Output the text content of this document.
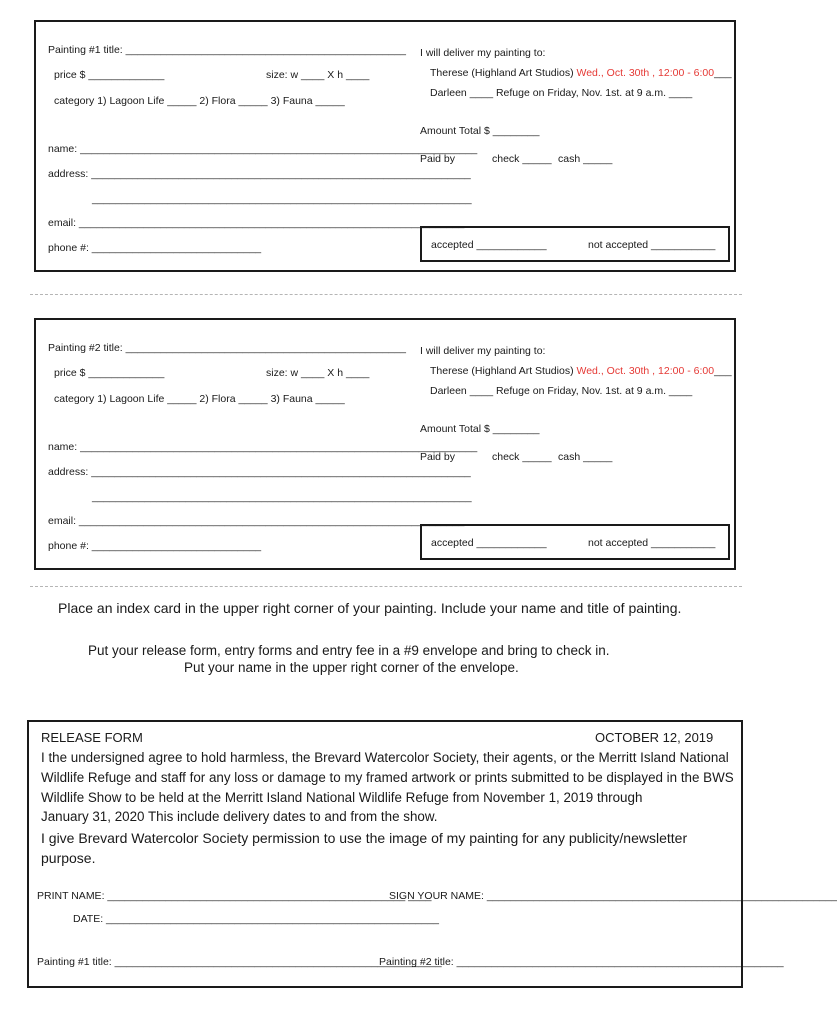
Painting #1 title: ________________________________________________
price $ _____________	size: w ____ X h ____
category 1) Lagoon Life _____ 2) Flora _____ 3) Fauna _____
name: ____________________________________________________________________
address: _________________________________________________________________
_________________________________________________________________
email: __________________________________________________________________
phone #: _____________________________
I will deliver my painting to:
Therese (Highland Art Studios) Wed., Oct. 30th , 12:00 - 6:00___
Darleen ____ Refuge on Friday, Nov. 1st. at 9 a.m. ____
Amount Total $ ________
Paid by	check _____ cash _____
accepted ____________	not accepted ___________
Painting #2 title: ________________________________________________
price $ _____________	size: w ____ X h ____
category 1) Lagoon Life _____ 2) Flora _____ 3) Fauna _____
name: ____________________________________________________________________
address: _________________________________________________________________
_________________________________________________________________
email: __________________________________________________________________
phone #: _____________________________
I will deliver my painting to:
Therese (Highland Art Studios) Wed., Oct. 30th , 12:00 - 6:00___
Darleen ____ Refuge on Friday, Nov. 1st. at 9 a.m. ____
Amount Total $ ________
Paid by	check _____ cash _____
accepted ____________	not accepted ___________
Place an index card in the upper right corner of your painting. Include your name and title of painting.
Put your release form, entry forms and entry fee in a #9 envelope and bring to check in.
Put your name in the upper right corner of the envelope.
RELEASE FORM	OCTOBER 12, 2019
I the undersigned agree to hold harmless, the Brevard Watercolor Society, their agents, or the Merritt Island National
Wildlife Refuge and staff for any loss or damage to my framed artwork or prints submitted to be displayed in the BWS
Wildlife Show to be held at the Merritt Island National Wildlife Refuge from November 1, 2019 through
January 31, 2020 This include delivery dates to and from the show.
I give Brevard Watercolor Society permission to use the image of my painting for any publicity/newsletter
purpose.
PRINT NAME: ___________________________________________________ ____
SIGN YOUR NAME: ____________________________________________________________
DATE: _________________________________________________________
Painting #1 title: ________________________________________________________
Painting #2 title: ________________________________________________________
